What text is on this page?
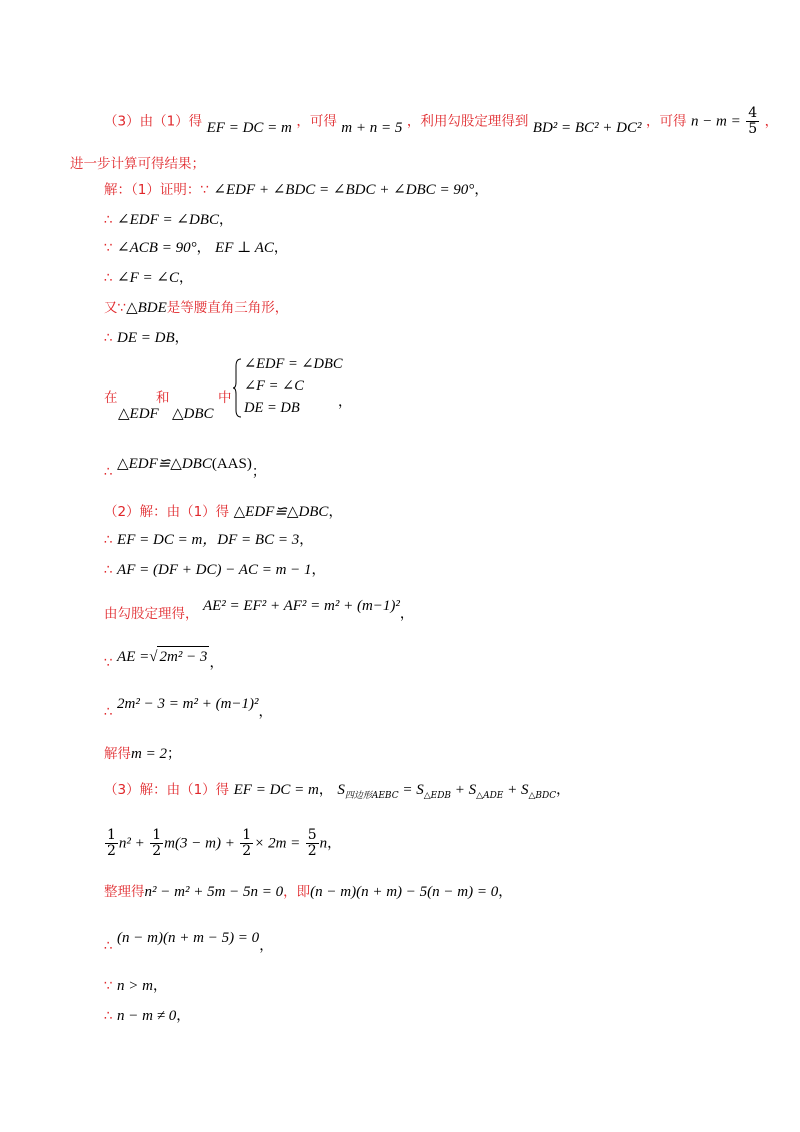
（3）由（1）得 EF = DC = m ，可得 m + n = 5 ，利用勾股定理得到 BD² = BC² + DC² ，可得 $n - m = \frac{4}{5}$ ，
进一步计算可得结果；
解：（1）证明：∵ ∠EDF + ∠BDC = ∠BDC + ∠DBC = 90°，
∴ ∠EDF = ∠DBC，
∵ ∠ACB = 90°， EF ⊥ AC，
∴ ∠F = ∠C，
又∵△BDE是等腰直角三角形，
∴ DE = DB，
在
△EDF
和
△DBC
中
∠EDF = ∠DBC
∠F = ∠C
DE = DB	，
∴ △EDF≌△DBC(AAS)；
（2）解：由（1）得 △EDF≌△DBC，
∴ EF = DC = m，DF = BC = 3，
∴ AF = (DF + DC) − AC = m − 1，
由勾股定理得， AE² = EF² + AF² = m² + (m−1)²，
∵ AE =√ 2m² − 3 ，
∴ 2m² − 3 = m² + (m−1)²，
解得m = 2；
（3）解：由（1）得 EF = DC = m， $S_{四边形AEBC} = S_{\triangle EDB} + S_{\triangle ADE} + S_{\triangle BDC}$，
$\frac{1}{2} n^2 + \frac{1}{2} m(3 - m) + \frac{1}{2} \times 2m = \frac{5}{2}$ n，
整理得n² − m² + 5m − 5n = 0，即(n − m)(n + m) − 5(n − m) = 0，
∴ (n − m)(n + m − 5) = 0，
∵ n > m，
∴ n − m ≠ 0，
